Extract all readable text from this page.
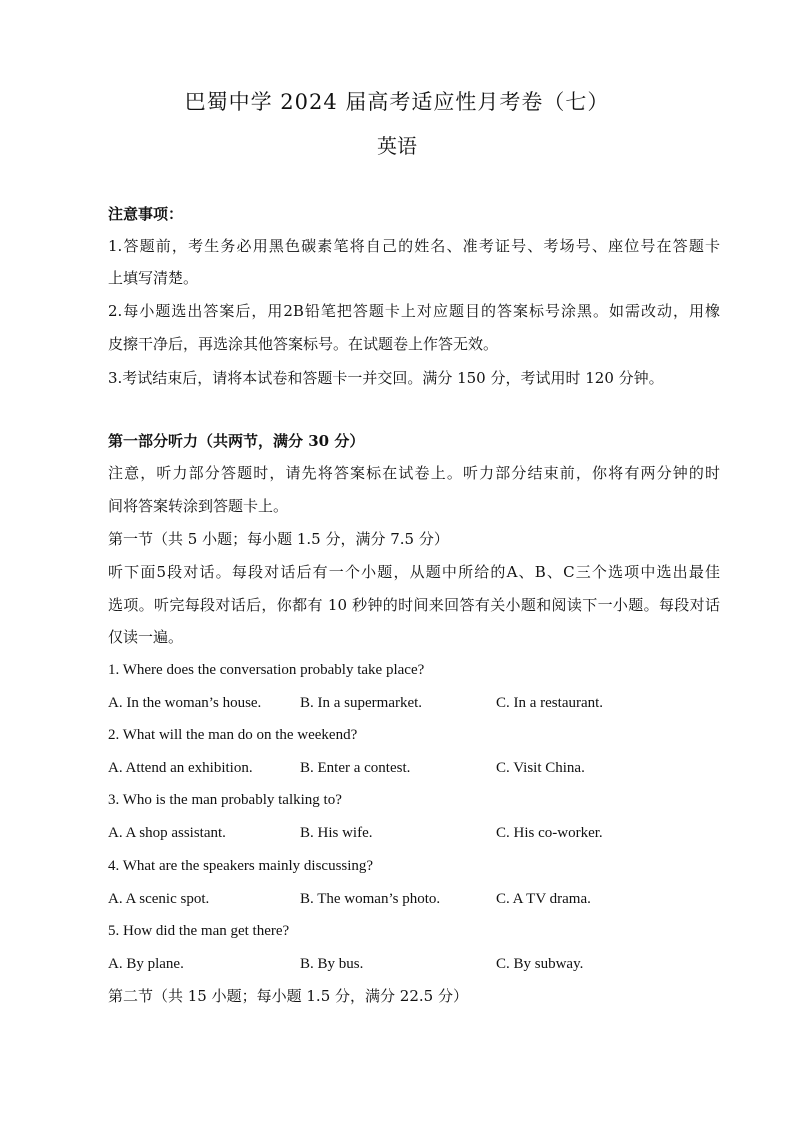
巴蜀中学 2024 届高考适应性月考卷（七）
英语
注意事项：
1.答题前，考生务必用黑色碳素笔将自己的姓名、准考证号、考场号、座位号在答题卡
上填写清楚。
2.每小题选出答案后，用2B铅笔把答题卡上对应题目的答案标号涂黑。如需改动，用橡
皮擦干净后，再选涂其他答案标号。在试题卷上作答无效。
3.考试结束后，请将本试卷和答题卡一并交回。满分 150 分，考试用时 120 分钟。
第一部分听力（共两节，满分 30 分）
注意，听力部分答题时，请先将答案标在试卷上。听力部分结束前，你将有两分钟的时
间将答案转涂到答题卡上。
第一节（共 5 小题；每小题 1.5 分，满分 7.5 分）
听下面5段对话。每段对话后有一个小题，从题中所给的A、B、C三个选项中选出最佳
选项。听完每段对话后，你都有 10 秒钟的时间来回答有关小题和阅读下一小题。每段对话
仅读一遍。
1. Where does the conversation probably take place?
A. In the woman’s house.	B. In a supermarket.	C. In a restaurant.
2. What will the man do on the weekend?
A. Attend an exhibition.	B. Enter a contest.	C. Visit China.
3. Who is the man probably talking to?
A. A shop assistant.	B. His wife.	C. His co-worker.
4. What are the speakers mainly discussing?
A. A scenic spot.	B. The woman’s photo.	C. A TV drama.
5. How did the man get there?
A. By plane.	B. By bus.	C. By subway.
第二节（共 15 小题；每小题 1.5 分，满分 22.5 分）
